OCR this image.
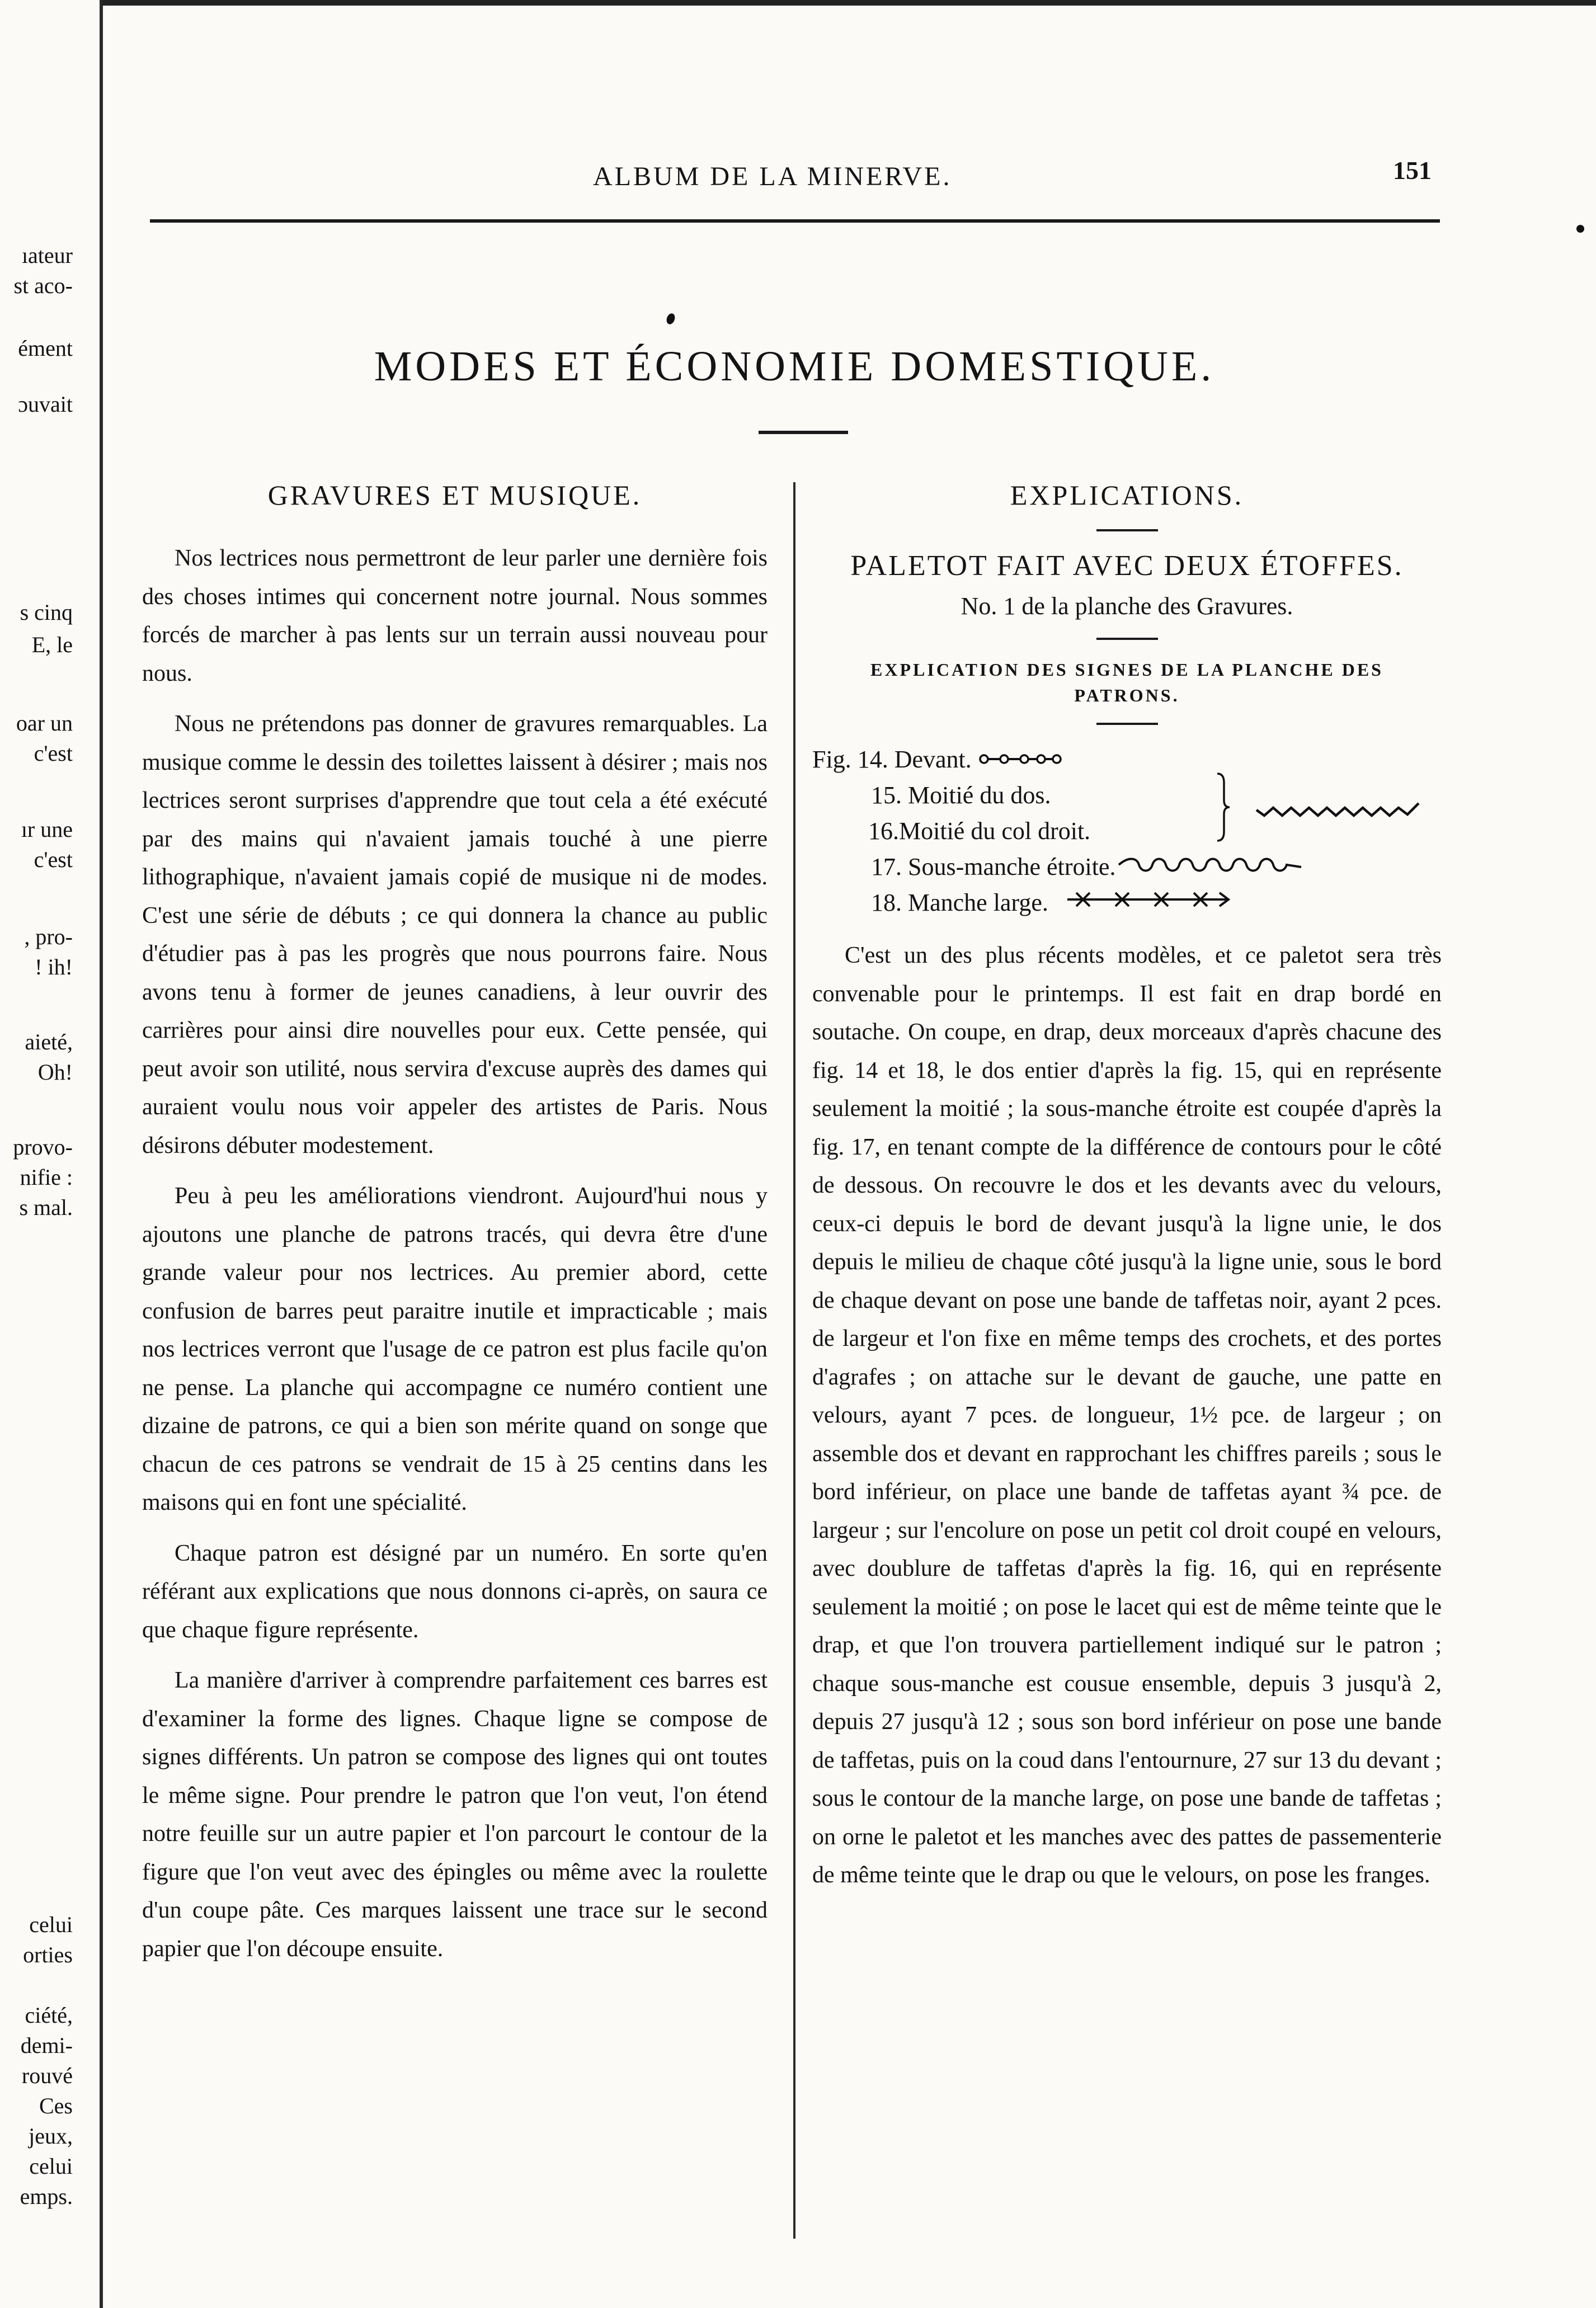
ıateur
st aco-
ément
ɔuvait
s cinq
E, le
oar un
c'est
ır une
c'est
, pro-
! ih!
aieté,
Oh!
provo-
nifie :
s mal.
celui
orties
ciété,
demi-
rouvé
Ces
jeux,
celui
emps.
ALBUM DE LA MINERVE.	151
MODES ET ÉCONOMIE DOMESTIQUE.
GRAVURES ET MUSIQUE.

Nos lectrices nous permettront de leur parler une dernière fois des choses intimes qui concernent notre journal. Nous sommes forcés de marcher à pas lents sur un terrain aussi nouveau pour nous.

Nous ne prétendons pas donner de gravures remarquables. La musique comme le dessin des toilettes laissent à désirer ; mais nos lectrices seront surprises d'apprendre que tout cela a été exécuté par des mains qui n'avaient jamais touché à une pierre lithographique, n'avaient jamais copié de musique ni de modes. C'est une série de débuts ; ce qui donnera la chance au public d'étudier pas à pas les progrès que nous pourrons faire. Nous avons tenu à former de jeunes canadiens, à leur ouvrir des carrières pour ainsi dire nouvelles pour eux. Cette pensée, qui peut avoir son utilité, nous servira d'excuse auprès des dames qui auraient voulu nous voir appeler des artistes de Paris. Nous désirons débuter modestement.

Peu à peu les améliorations viendront. Aujourd'hui nous y ajoutons une planche de patrons tracés, qui devra être d'une grande valeur pour nos lectrices. Au premier abord, cette confusion de barres peut paraitre inutile et impracticable ; mais nos lectrices verront que l'usage de ce patron est plus facile qu'on ne pense. La planche qui accompagne ce numéro contient une dizaine de patrons, ce qui a bien son mérite quand on songe que chacun de ces patrons se vendrait de 15 à 25 centins dans les maisons qui en font une spécialité.

Chaque patron est désigné par un numéro. En sorte qu'en référant aux explications que nous donnons ci-après, on saura ce que chaque figure représente.

La manière d'arriver à comprendre parfaitement ces barres est d'examiner la forme des lignes. Chaque ligne se compose de signes différents. Un patron se compose des lignes qui ont toutes le même signe. Pour prendre le patron que l'on veut, l'on étend notre feuille sur un autre papier et l'on parcourt le contour de la figure que l'on veut avec des épingles ou même avec la roulette d'un coupe pâte. Ces marques laissent une trace sur le second papier que l'on découpe ensuite.

EXPLICATIONS.
PALETOT FAIT AVEC DEUX ÉTOFFES.
No. 1 de la planche des Gravures.
EXPLICATION DES SIGNES DE LA PLANCHE DES PATRONS.
Fig. 14. Devant.
15. Moitié du dos.
16.Moitié du col droit.
17. Sous-manche étroite.
18. Manche large.

C'est un des plus récents modèles, et ce paletot sera très convenable pour le printemps. Il est fait en drap bordé en soutache. On coupe, en drap, deux morceaux d'après chacune des fig. 14 et 18, le dos entier d'après la fig. 15, qui en représente seulement la moitié ; la sous-manche étroite est coupée d'après la fig. 17, en tenant compte de la différence de contours pour le côté de dessous. On recouvre le dos et les devants avec du velours, ceux-ci depuis le bord de devant jusqu'à la ligne unie, le dos depuis le milieu de chaque côté jusqu'à la ligne unie, sous le bord de chaque devant on pose une bande de taffetas noir, ayant 2 pces. de largeur et l'on fixe en même temps des crochets, et des portes d'agrafes ; on attache sur le devant de gauche, une patte en velours, ayant 7 pces. de longueur, 1½ pce. de largeur ; on assemble dos et devant en rapprochant les chiffres pareils ; sous le bord inférieur, on place une bande de taffetas ayant ¾ pce. de largeur ; sur l'encolure on pose un petit col droit coupé en velours, avec doublure de taffetas d'après la fig. 16, qui en représente seulement la moitié ; on pose le lacet qui est de même teinte que le drap, et que l'on trouvera partiellement indiqué sur le patron ; chaque sous-manche est cousue ensemble, depuis 3 jusqu'à 2, depuis 27 jusqu'à 12 ; sous son bord inférieur on pose une bande de taffetas, puis on la coud dans l'entournure, 27 sur 13 du devant ; sous le contour de la manche large, on pose une bande de taffetas ; on orne le paletot et les manches avec des pattes de passementerie de même teinte que le drap ou que le velours, on pose les franges.
